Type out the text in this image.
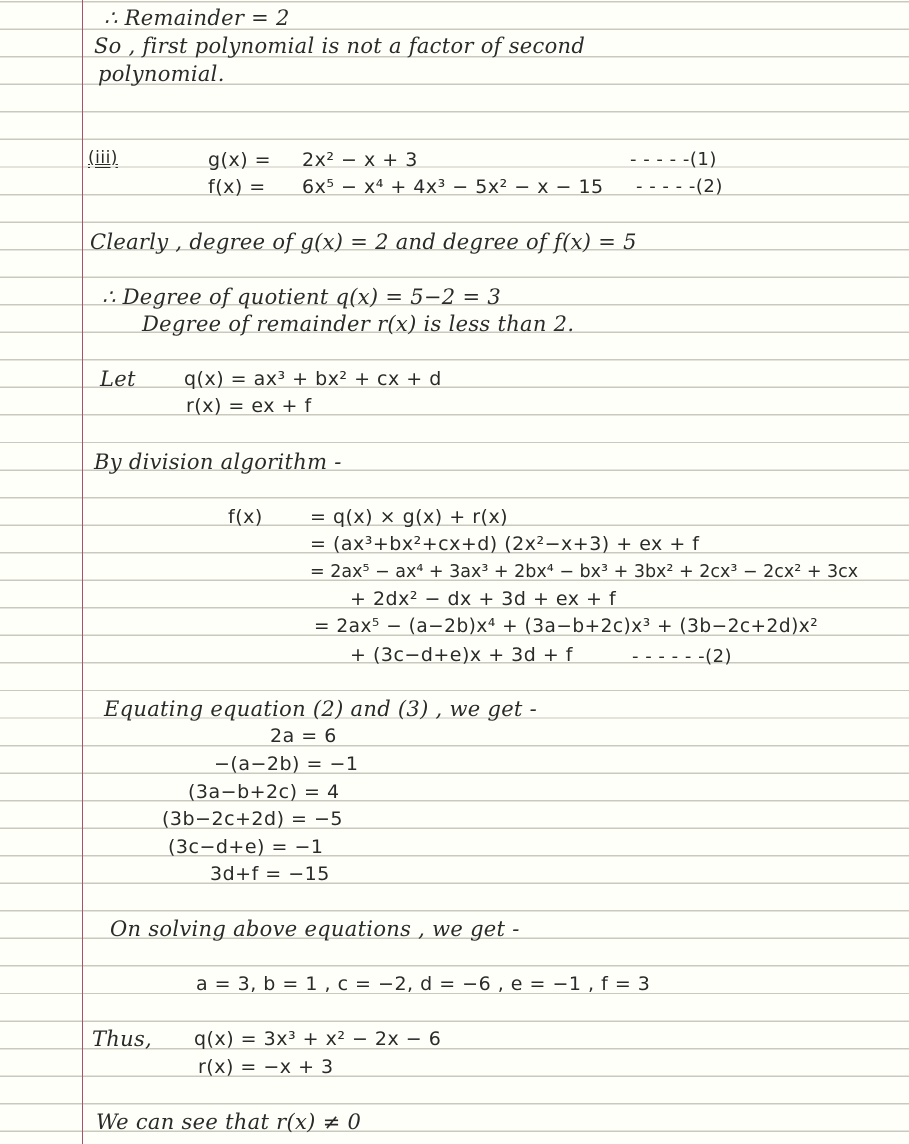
∴ Remainder = 2
So , first polynomial is not a factor of second
polynomial.
(iii)	g(x) = 2x² − x + 3	- - - - -(1)
f(x) = 6x⁵ − x⁴ + 4x³ − 5x² − x − 15 - - - - -(2)
Clearly , degree of g(x) = 2 and degree of f(x) = 5
∴ Degree of quotient q(x) = 5−2 = 3
Degree of remainder r(x) is less than 2.
Let	q(x) = ax³ + bx² + cx + d
r(x) = ex + f
By division algorithm -
f(x) = q(x) × g(x) + r(x)
= (ax³+bx²+cx+d) (2x²−x+3) + ex + f
= 2ax⁵ − ax⁴ + 3ax³ + 2bx⁴ − bx³ + 3bx² + 2cx³ − 2cx² + 3cx
+ 2dx² − dx + 3d + ex + f
= 2ax⁵ − (a−2b)x⁴ + (3a−b+2c)x³ + (3b−2c+2d)x²
+ (3c−d+e)x + 3d + f	- - - - - -(2)
Equating equation (2) and (3) , we get -
2a = 6
−(a−2b) = −1
(3a−b+2c) = 4
(3b−2c+2d) = −5
(3c−d+e) = −1
3d+f = −15
On solving above equations , we get -
a = 3, b = 1 , c = −2, d = −6 , e = −1 , f = 3
Thus, q(x) = 3x³ + x² − 2x − 6
r(x) = −x + 3
We can see that r(x) ≠ 0
